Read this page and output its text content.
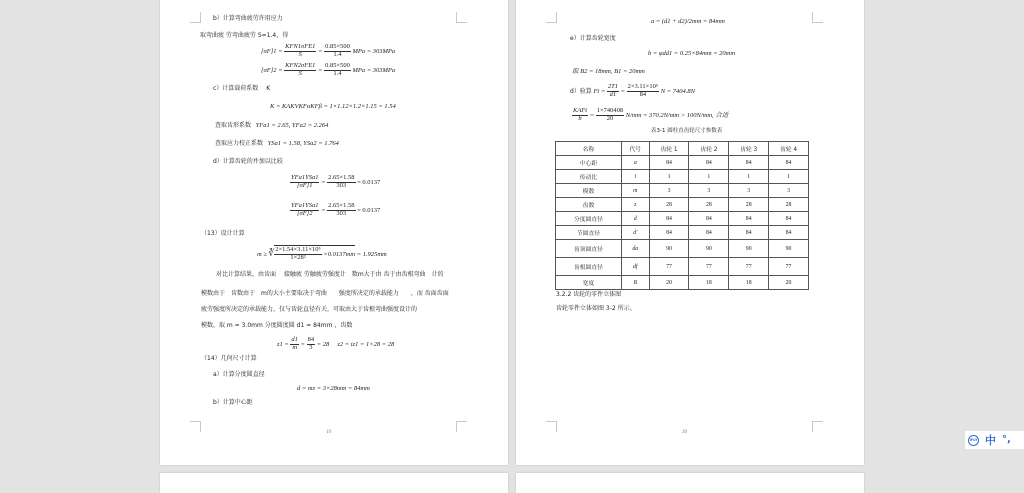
b）计算弯曲疲劳许用应力
取弯曲疲 劳弯曲疲劳 S=1.4，得
$[\sigma F]1 = \frac{\text{KFN1σFE1}}{S} = \frac{0.85\times 500}{1.4}$ MPa = 303MPa
$[\sigma F]2 = \frac{\text{KFN2σFE1}}{S} = \frac{0.85\times 500}{1.4}$ MPa = 303MPa
c）计算载荷系数　 K
K = KAKVKFαKFβ = 1×1.12×1.2×1.15 = 1.54
查取齿形系数 YFa1 = 2.65, YFa2 = 2.264
查取应力校正系数 YSa1 = 1.58, YSa2 = 1.764
d）计算齿轮的并加以比较
$\frac{\text{YFa1YSa1}}{[\sigma F]1} = \frac{2.65\times 1.58}{303} = 0.0137$
$\frac{\text{YFa1YSa1}}{[\sigma F]2} = \frac{2.65\times 1.58}{303} = 0.0137$
（13）设计计算
m ≥ ∛ $\frac{\text{2×1.54×3.11×10⁵}}{\text{1×28²}} \times 0.0137mm = 1.925mm$
对比计算结果，由齿面　 接触疲 劳触疲劳强度计　数m大于由 齿于由齿根弯曲　计的
模数由于　齿数由于　m的大小主要取决于弯曲　　强度所决定的承载能力　　，而 齿面齿面
疲劳强度所决定的承载能力，仅与齿轮直径有关，可取由大于齿根弯曲强度设计的
模数，取 m = 3.0mm 分度圆度圆 d1 = 84mm ，齿数
$z1 = \frac{d1}{m} = \frac{84}{3} = 28$　 z2 = iz1 = 1×28 = 28
（14）几何尺寸计算
a）计算分度圆直径
d = mz = 3×28mm = 84mm
b）计算中心距
19
a = (d1 + d2)/2mm = 84mm
e）计算齿轮宽度
b = φdd1 = 0.25×84mm = 20mm
取 B2 = 18mm, B1 = 20mm
d）验算 $Ft = \frac{2T1}{d1} = \frac{\text{2×3.11×10⁵}}{84}$ N = 7404.8N
$\frac{\text{KAFt}}{b} = \frac{1\times 740408}{20} N/mm = 370.2N/mm > 100N/mm$, 合适
表3-1 圆柱直齿轮尺寸参数表
名称	代号	齿轮 1	齿轮 2	齿轮 3	齿轮 4
中心距	a	84	84	84	84
传动比	i	1	1	1	1
模数	m	3	3	3	3
齿数	z	28	28	28	28
分度圆直径	d	84	84	84	84
节圆直径	d'	84	84	84	84
齿顶圆直径	da	90	90	90	90
齿根圆直径	df	77	77	77	77
宽度	B	20	18	18	20
3.2.2 齿轮的零件立体图
齿轮零件立体如图 3-2 所示。
20
iFLY 中 °,
